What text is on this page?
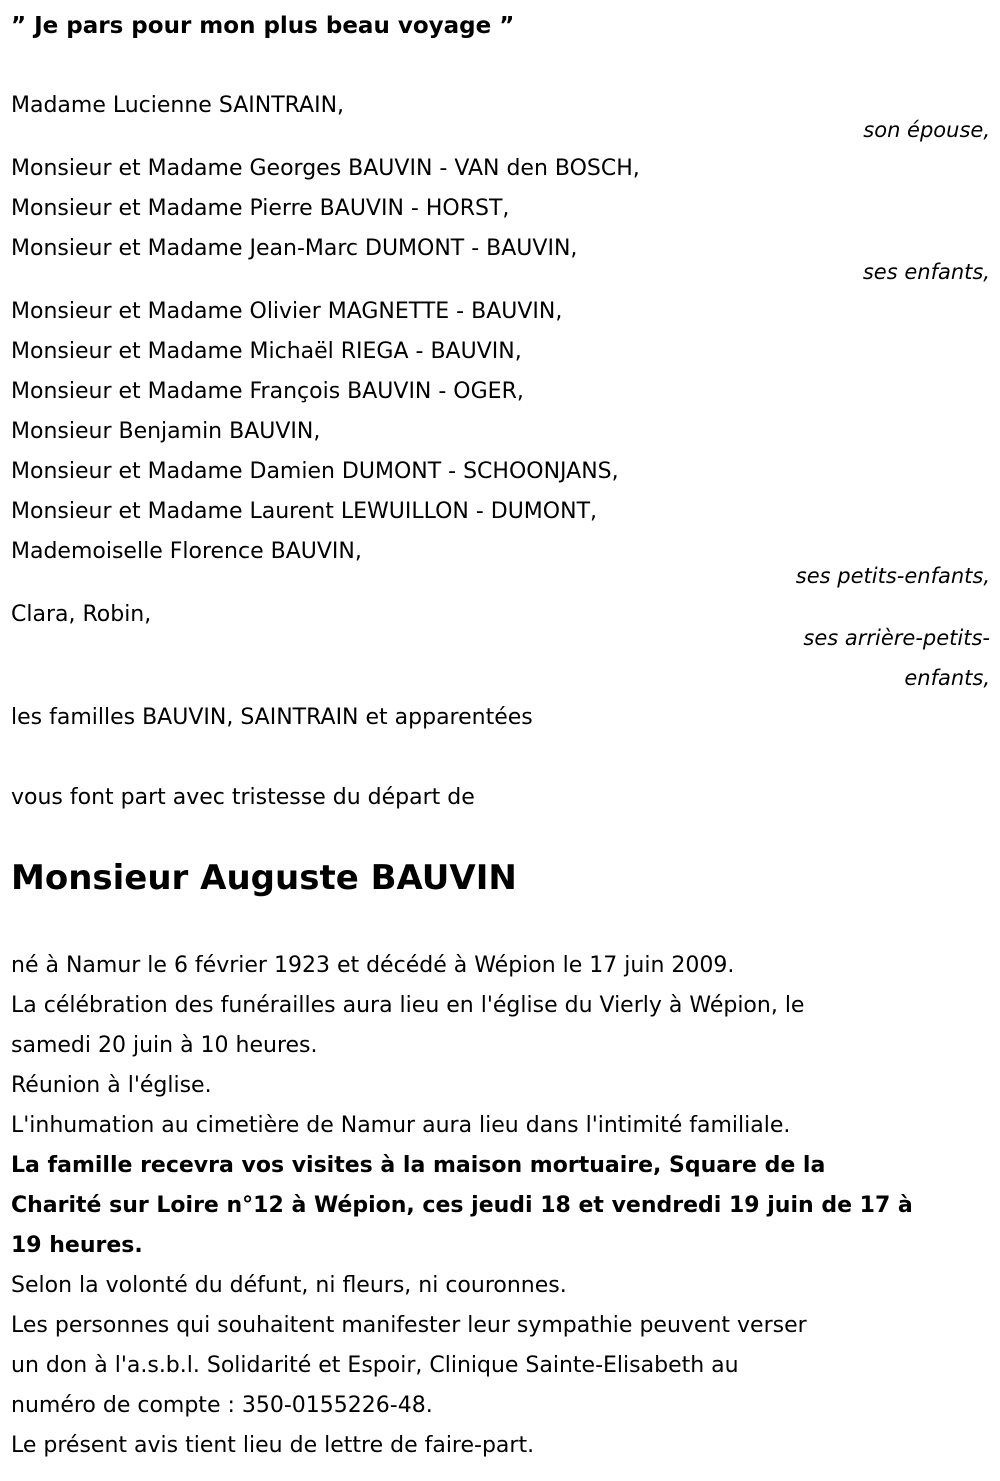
” Je pars pour mon plus beau voyage ”
Madame Lucienne SAINTRAIN,
son épouse,
Monsieur et Madame Georges BAUVIN - VAN den BOSCH,
Monsieur et Madame Pierre BAUVIN - HORST,
Monsieur et Madame Jean-Marc DUMONT - BAUVIN,
ses enfants,
Monsieur et Madame Olivier MAGNETTE - BAUVIN,
Monsieur et Madame Michaël RIEGA - BAUVIN,
Monsieur et Madame François BAUVIN - OGER,
Monsieur Benjamin BAUVIN,
Monsieur et Madame Damien DUMONT - SCHOONJANS,
Monsieur et Madame Laurent LEWUILLON - DUMONT,
Mademoiselle Florence BAUVIN,
ses petits-enfants,
Clara, Robin,
ses arrière-petits-
enfants,
les familles BAUVIN, SAINTRAIN et apparentées
vous font part avec tristesse du départ de
Monsieur Auguste BAUVIN
né à Namur le 6 février 1923 et décédé à Wépion le 17 juin 2009.
La célébration des funérailles aura lieu en l'église du Vierly à Wépion, le
samedi 20 juin à 10 heures.
Réunion à l'église.
L'inhumation au cimetière de Namur aura lieu dans l'intimité familiale.
La famille recevra vos visites à la maison mortuaire, Square de la
Charité sur Loire n°12 à Wépion, ces jeudi 18 et vendredi 19 juin de 17 à
19 heures.
Selon la volonté du défunt, ni fleurs, ni couronnes.
Les personnes qui souhaitent manifester leur sympathie peuvent verser
un don à l'a.s.b.l. Solidarité et Espoir, Clinique Sainte-Elisabeth au
numéro de compte : 350-0155226-48.
Le présent avis tient lieu de lettre de faire-part.
